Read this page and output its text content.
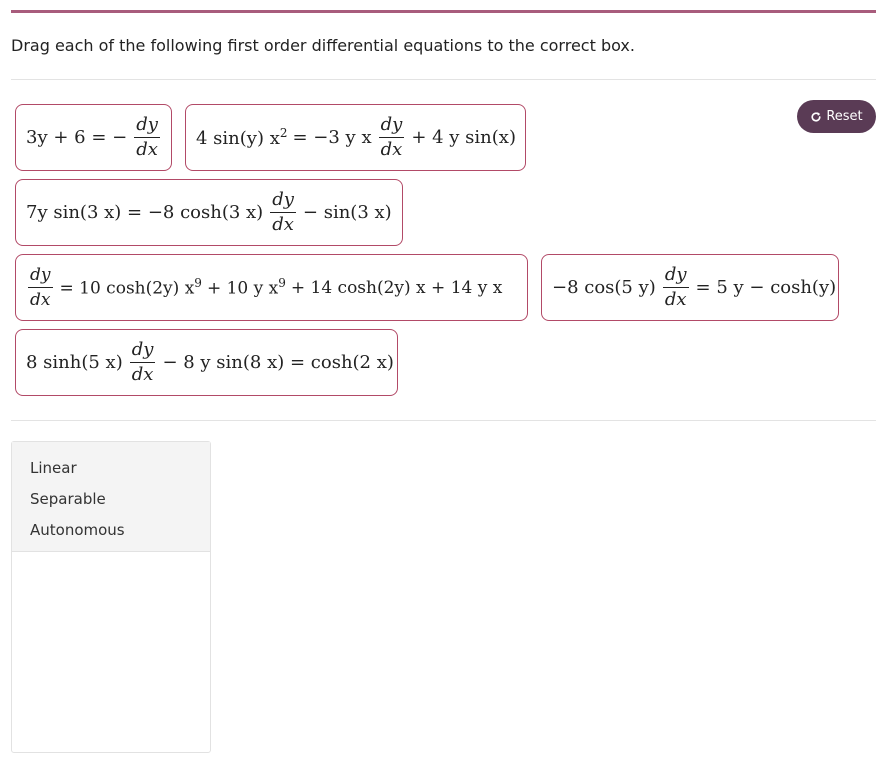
Drag each of the following first order differential equations to the correct box.
Reset
3y + 6 = − $\frac{dy}{dx} 4$ sin(y) $x^2 = -3$ y x $\frac{dy}{dx} + 4$ y sin(x)
7y sin(3 x) = −8 cosh(3 $x) \frac{dy}{dx} - \sin(3$ x)
$\frac{dy}{dx} = 10$ cosh(2y) $x^9 + 10$ y $x^9 + 14$ cosh(2y) x + 14 y x	−8 cos(5 $y) \frac{dy}{dx} = 5$ y − cosh(y)
8 sinh(5 $x) \frac{dy}{dx} - 8$ y sin(8 x) = cosh(2 x)
Linear
Separable
Autonomous
